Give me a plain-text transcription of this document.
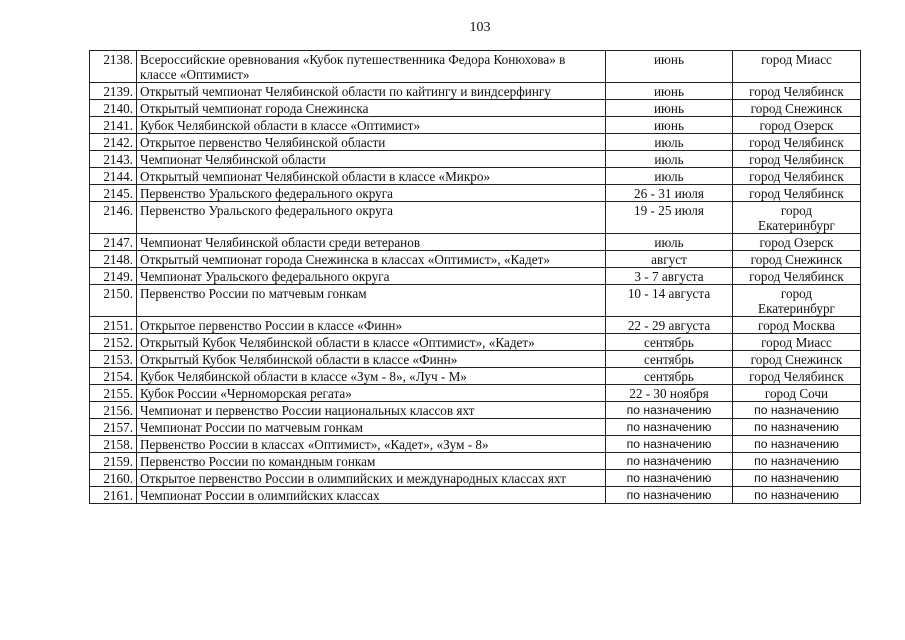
103
2138.	Всероссийские оревнования «Кубок путешественника Федора Конюхова» в классе «Оптимист»	июнь	город Миасс
2139.	Открытый чемпионат Челябинской области по кайтингу и виндсерфингу	июнь	город Челябинск
2140.	Открытый чемпионат города Снежинска	июнь	город Снежинск
2141.	Кубок Челябинской области в классе «Оптимист»	июнь	город Озерск
2142.	Открытое первенство Челябинской области	июль	город Челябинск
2143.	Чемпионат Челябинской области	июль	город Челябинск
2144.	Открытый чемпионат Челябинской области в классе «Микро»	июль	город Челябинск
2145.	Первенство Уральского федерального округа	26 - 31 июля	город Челябинск
2146.	Первенство Уральского федерального округа	19 - 25 июля	город Екатеринбург

2147.	Чемпионат Челябинской области среди ветеранов	июль	город Озерск
2148.	Открытый чемпионат города Снежинска в классах «Оптимист», «Кадет»	август	город Снежинск
2149.	Чемпионат Уральского федерального округа	3 - 7 августа	город Челябинск
2150.	Первенство России по матчевым гонкам	10 - 14 августа	город Екатеринбург

2151.	Открытое первенство России в классе «Финн»	22 - 29 августа	город Москва
2152.	Открытый Кубок Челябинской области в классе «Оптимист», «Кадет»	сентябрь	город Миасс
2153.	Открытый Кубок Челябинской области в классе «Финн»	сентябрь	город Снежинск
2154.	Кубок Челябинской области в классе «Зум - 8», «Луч - М»	сентябрь	город Челябинск
2155.	Кубок России «Черноморская регата»	22 - 30 ноября	город Сочи
2156.	Чемпионат и первенство России национальных классов яхт	по назначению	по назначению
2157.	Чемпионат России по матчевым гонкам	по назначению	по назначению
2158.	Первенство России в классах «Оптимист», «Кадет», «Зум - 8»	по назначению	по назначению
2159.	Первенство России по командным гонкам	по назначению	по назначению
2160.	Открытое первенство России в олимпийских и международных классах яхт	по назначению	по назначению
2161.	Чемпионат России в олимпийских классах	по назначению	по назначению
